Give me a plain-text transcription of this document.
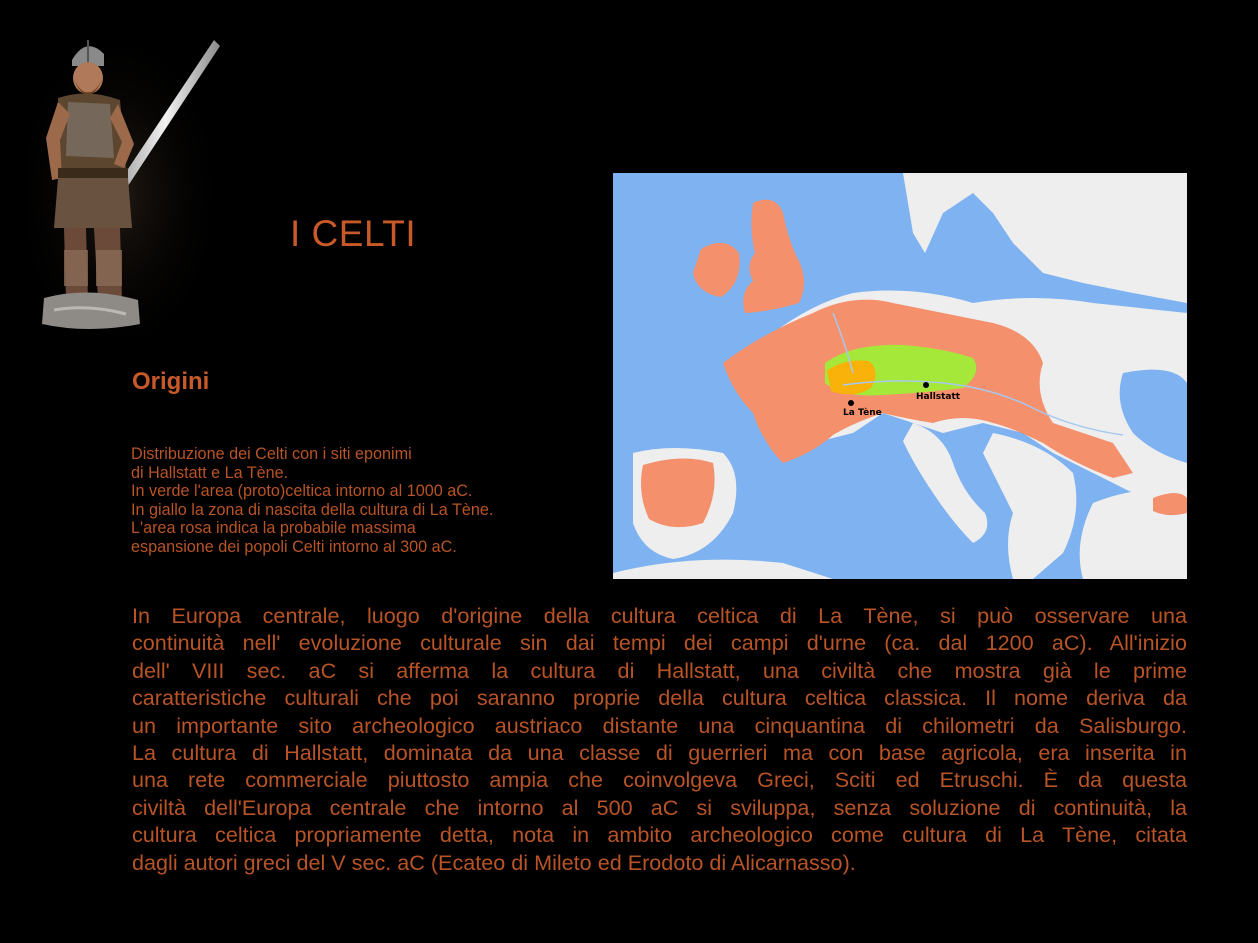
I CELTI
Origini
Distribuzione dei Celti con i siti eponimi
di Hallstatt e La Tène.
In verde l'area (proto)celtica intorno al 1000 aC.
In giallo la zona di nascita della cultura di La Tène.
L'area rosa indica la probabile massima
espansione dei popoli Celti intorno al 300 aC.
La Tène
Hallstatt
In Europa centrale, luogo d'origine della cultura celtica di La Tène, si può osservare una
continuità nell' evoluzione culturale sin dai tempi dei campi d'urne (ca. dal 1200 aC). All'inizio
dell' VIII sec. aC si afferma la cultura di Hallstatt, una civiltà che mostra già le prime
caratteristiche culturali che poi saranno proprie della cultura celtica classica. Il nome deriva da
un importante sito archeologico austriaco distante una cinquantina di chilometri da Salisburgo.
La cultura di Hallstatt, dominata da una classe di guerrieri ma con base agricola, era inserita in
una rete commerciale piuttosto ampia che coinvolgeva Greci, Sciti ed Etruschi. È da questa
civiltà dell'Europa centrale che intorno al 500 aC si sviluppa, senza soluzione di continuità, la
cultura celtica propriamente detta, nota in ambito archeologico come cultura di La Tène, citata
dagli autori greci del V sec. aC (Ecateo di Mileto ed Erodoto di Alicarnasso).
